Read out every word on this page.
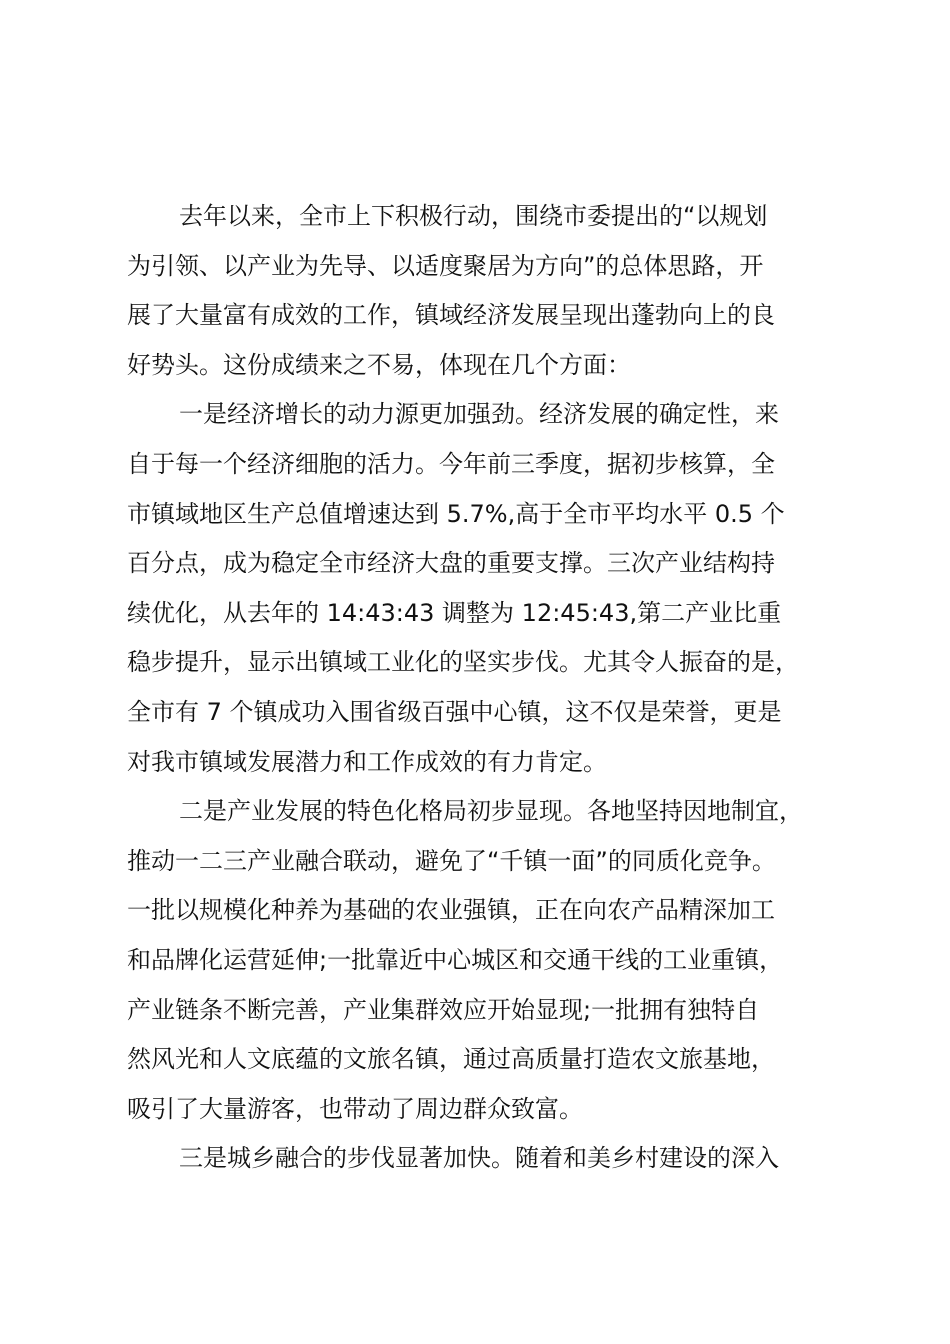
去年以来，全市上下积极行动，围绕市委提出的“以规划
为引领、以产业为先导、以适度聚居为方向”的总体思路，开
展了大量富有成效的工作，镇域经济发展呈现出蓬勃向上的良
好势头。这份成绩来之不易，体现在几个方面：

一是经济增长的动力源更加强劲。经济发展的确定性，来
自于每一个经济细胞的活力。今年前三季度，据初步核算，全
市镇域地区生产总值增速达到 5.7%,高于全市平均水平 0.5 个
百分点，成为稳定全市经济大盘的重要支撑。三次产业结构持
续优化，从去年的 14:43:43 调整为 12:45:43,第二产业比重
稳步提升，显示出镇域工业化的坚实步伐。尤其令人振奋的是，
全市有 7 个镇成功入围省级百强中心镇，这不仅是荣誉，更是
对我市镇域发展潜力和工作成效的有力肯定。

二是产业发展的特色化格局初步显现。各地坚持因地制宜，
推动一二三产业融合联动，避免了“千镇一面”的同质化竞争。
一批以规模化种养为基础的农业强镇，正在向农产品精深加工
和品牌化运营延伸;一批靠近中心城区和交通干线的工业重镇，
产业链条不断完善，产业集群效应开始显现;一批拥有独特自
然风光和人文底蕴的文旅名镇，通过高质量打造农文旅基地，
吸引了大量游客，也带动了周边群众致富。

三是城乡融合的步伐显著加快。随着和美乡村建设的深入
